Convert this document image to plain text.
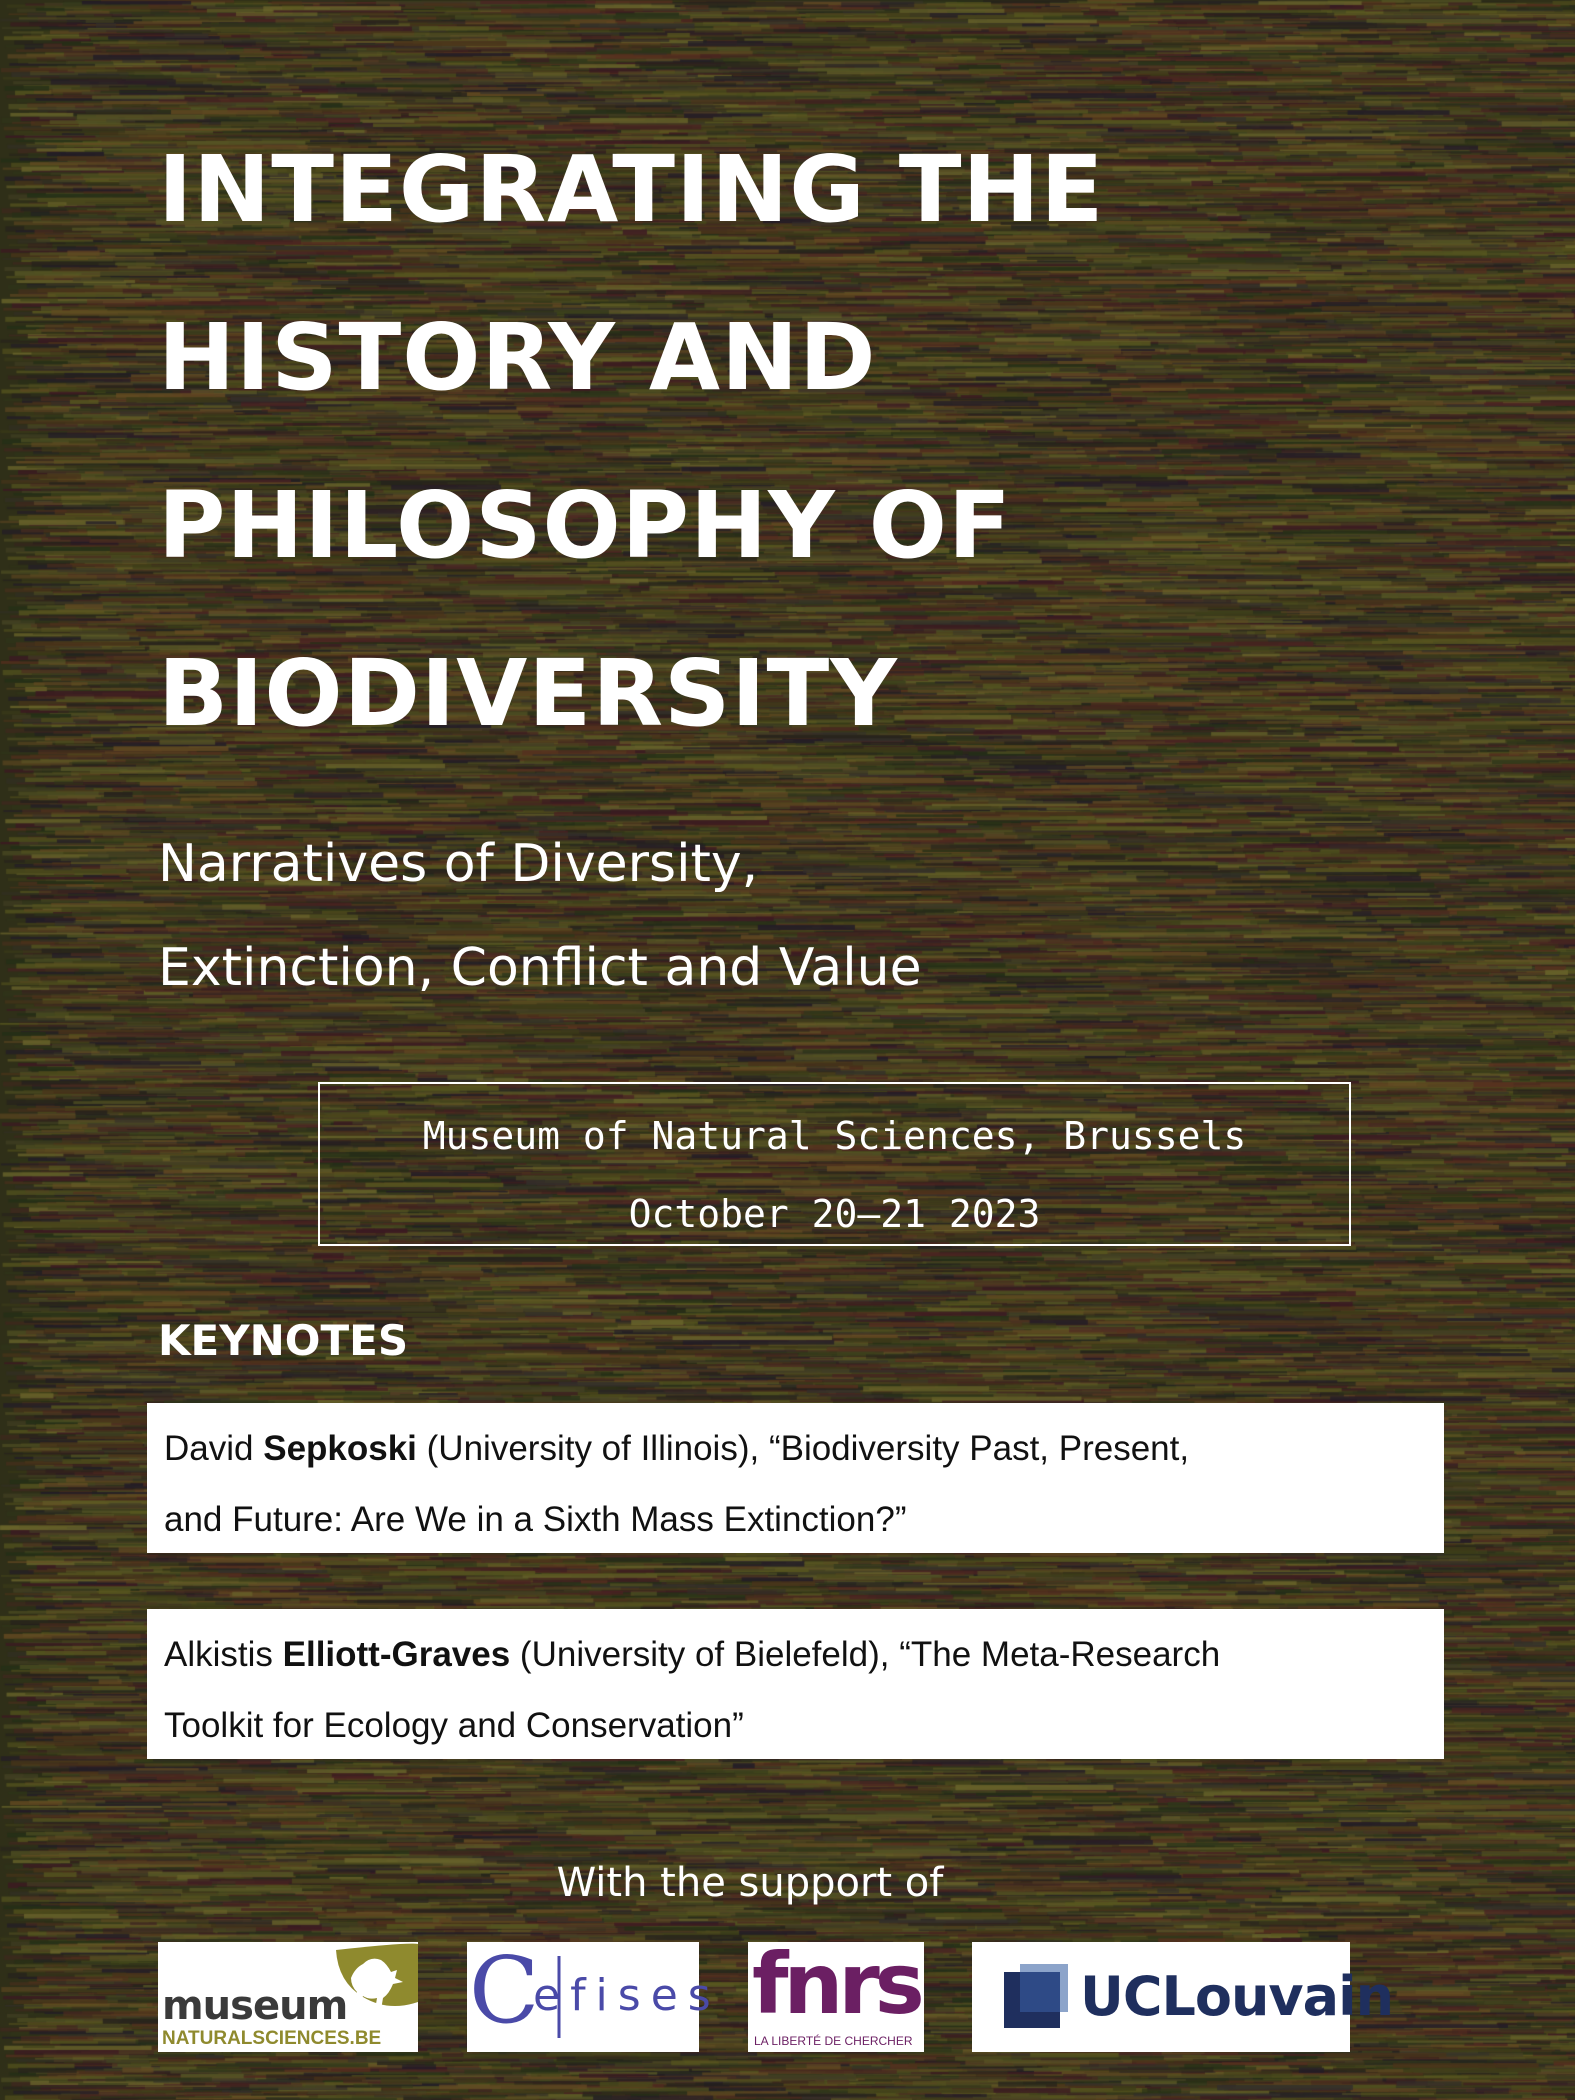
INTEGRATING THE
HISTORY AND
PHILOSOPHY OF
BIODIVERSITY
Narratives of Diversity,
Extinction, Conflict and Value
Museum of Natural Sciences, Brussels
October 20–21 2023
KEYNOTES
David Sepkoski (University of Illinois), “Biodiversity Past, Present,
and Future: Are We in a Sixth Mass Extinction?”
Alkistis Elliott-Graves (University of Bielefeld), “The Meta-Research
Toolkit for Ecology and Conservation”
With the support of
museum
NATURALSCIENCES.BE C
efises fnrs
LA LIBERTÉ DE CHERCHER
UCLouvain
